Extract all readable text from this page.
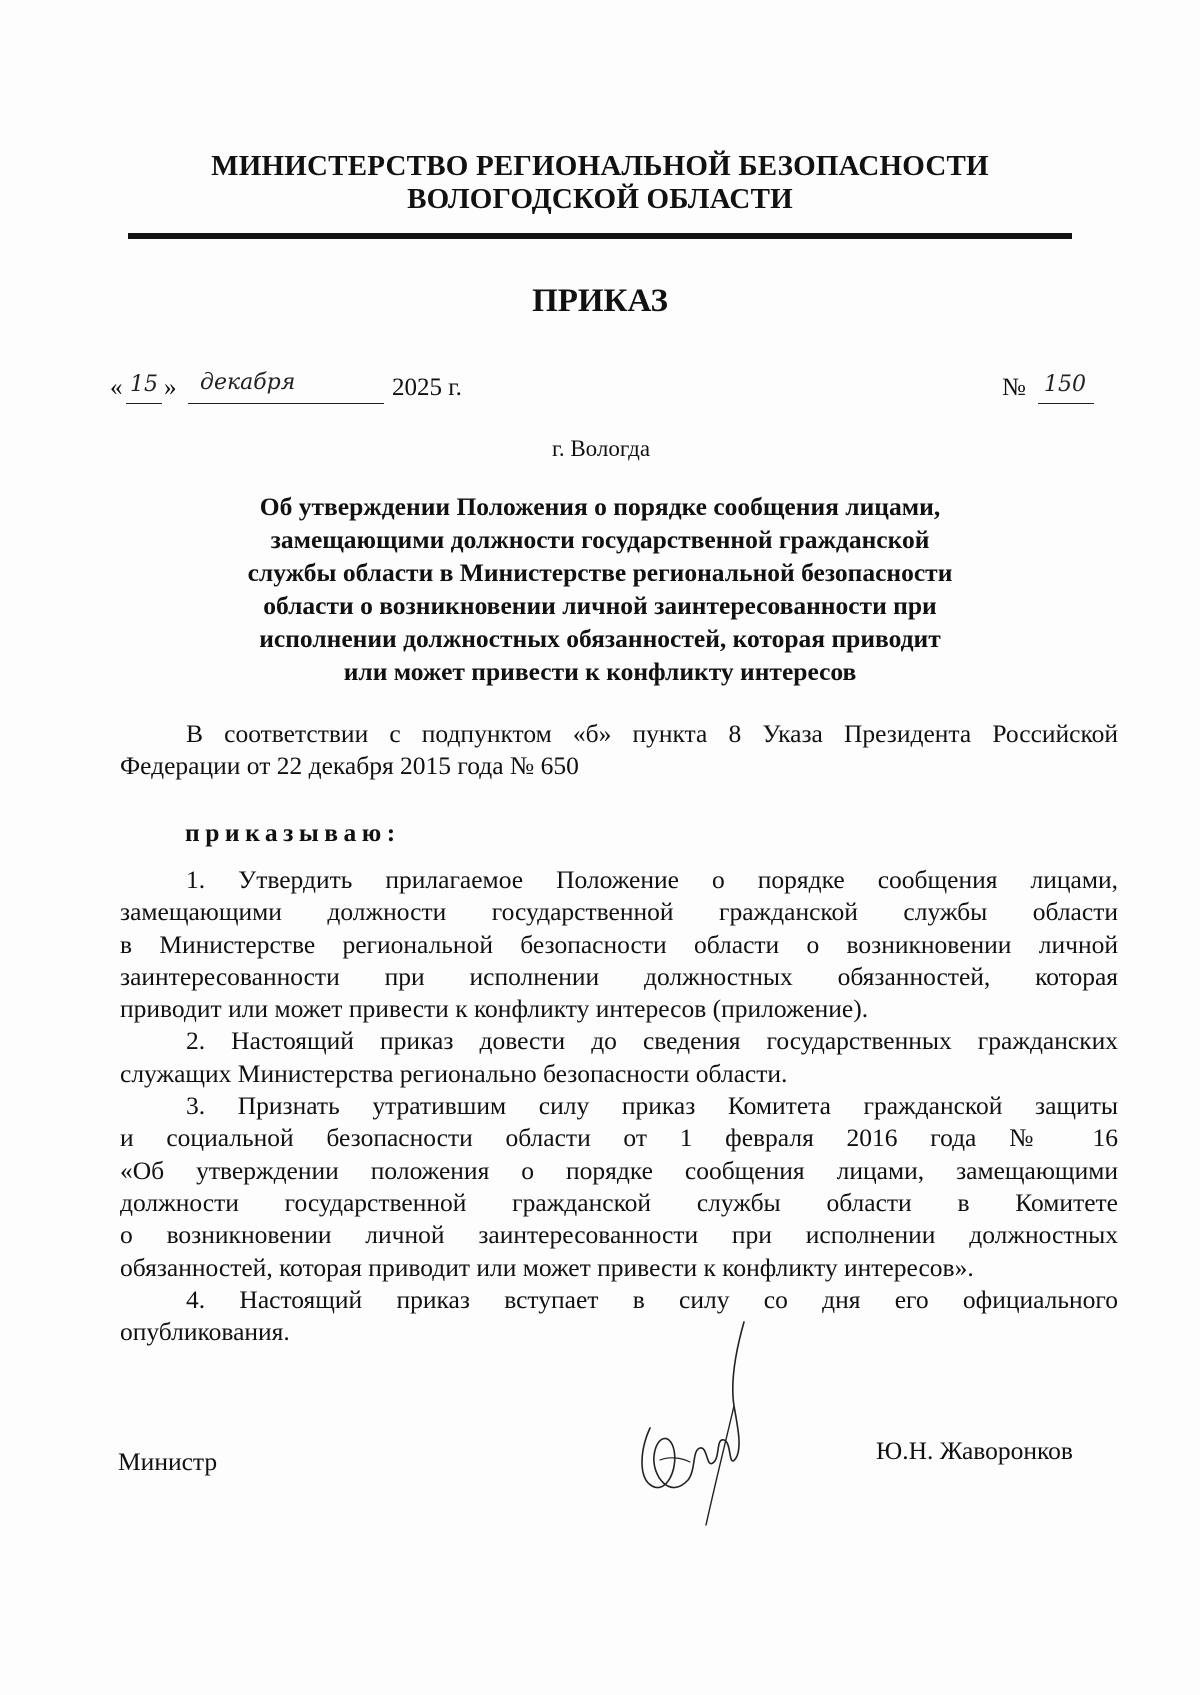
МИНИСТЕРСТВО РЕГИОНАЛЬНОЙ БЕЗОПАСНОСТИ
ВОЛОГОДСКОЙ ОБЛАСТИ
ПРИКАЗ
« 15 » декабря	2025 г.	№ 150
г. Вологда
Об утверждении Положения о порядке сообщения лицами,
замещающими должности государственной гражданской
службы области в Министерстве региональной безопасности
области о возникновении личной заинтересованности при
исполнении должностных обязанностей, которая приводит
или может привести к конфликту интересов
В соответствии с подпунктом «б» пункта 8 Указа Президента Российской
Федерации от 22 декабря 2015 года № 650
приказываю:
1. Утвердить прилагаемое Положение о порядке сообщения лицами,
замещающими должности государственной гражданской службы области
в Министерстве региональной безопасности области о возникновении личной
заинтересованности при исполнении должностных обязанностей, которая
приводит или может привести к конфликту интересов (приложение).
2. Настоящий приказ довести до сведения государственных гражданских
служащих Министерства регионально безопасности области.
3. Признать утратившим силу приказ Комитета гражданской защиты
и социальной безопасности области от 1 февраля 2016 года № 16
«Об утверждении положения о порядке сообщения лицами, замещающими
должности государственной гражданской службы области в Комитете
о возникновении личной заинтересованности при исполнении должностных
обязанностей, которая приводит или может привести к конфликту интересов».
4. Настоящий приказ вступает в силу со дня его официального
опубликования.
Министр	Ю.Н. Жаворонков
